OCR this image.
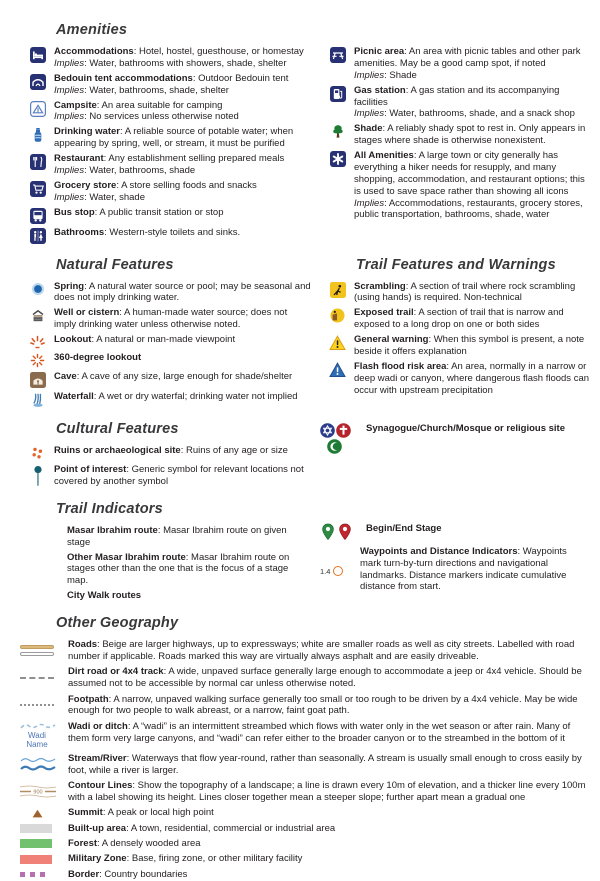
Amenities

Accommodations: Hotel, hostel, guesthouse, or homestay
Implies: Water, bathrooms with showers, shade, shelter

Bedouin tent accommodations: Outdoor Bedouin tent
Implies: Water, bathrooms, shade, shelter

Campsite: An area suitable for camping
Implies: No services unless otherwise noted

Drinking water: A reliable source of potable water; when appearing by spring, well, or stream, it must be purified

Restaurant: Any establishment selling prepared meals
Implies: Water, bathrooms, shade

Grocery store: A store selling foods and snacks
Implies: Water, shade

Bus stop: A public transit station or stop

Bathrooms: Western-style toilets and sinks.

Picnic area: An area with picnic tables and other park amenities. May be a good camp spot, if noted
Implies: Shade

Gas station: A gas station and its accompanying facilities
Implies: Water, bathrooms, shade, and a snack shop

Shade: A reliably shady spot to rest in. Only appears in stages where shade is otherwise nonexistent.

All Amenities: A large town or city generally has everything a hiker needs for resupply, and many shopping, accommodation, and restaurant options; this is used to save space rather than showing all icons
Implies: Accommodations, restaurants, grocery stores, public transportation, bathrooms, shade, water

Natural Features

Spring: A natural water source or pool; may be seasonal and does not imply drinking water.

Well or cistern: A human-made water source; does not imply drinking water unless otherwise noted.

Lookout: A natural or man-made viewpoint

360-degree lookout

Cave: A cave of any size, large enough for shade/shelter

Waterfall: A wet or dry waterfal; drinking water not implied

Trail Features and Warnings

Scrambling: A section of trail where rock scrambling (using hands) is required. Non-technical

Exposed trail: A section of trail that is narrow and exposed to a long drop on one or both sides

General warning: When this symbol is present, a note beside it offers explanation

Flash flood risk area: An area, normally in a narrow or deep wadi or canyon, where dangerous flash floods can occur with upstream precipitation

Cultural Features

Ruins or archaeological site: Ruins of any age or size

Point of interest: Generic symbol for relevant locations not covered by another symbol

Synagogue/Church/Mosque or religious site

Trail Indicators

Masar Ibrahim route: Masar Ibrahim route on given stage

Other Masar Ibrahim route: Masar Ibrahim route on stages other than the one that is the focus of a stage map.

City Walk routes

Begin/End Stage

1.4

Waypoints and Distance Indicators: Waypoints mark turn-by-turn directions and navigational landmarks. Distance markers indicate cumulative distance from start.

Other Geography

Roads: Beige are larger highways, up to expressways; white are smaller roads as well as city streets. Labelled with road number if applicable. Roads marked this way are virtually always asphalt and are easily driveable.

Dirt road or 4x4 track: A wide, unpaved surface generally large enough to accommodate a jeep or 4x4 vehicle. Should be assumed not to be accessible by normal car unless otherwise noted.

Footpath: A narrow, unpaved walking surface generally too small or too rough to be driven by a 4x4 vehicle. May be wide enough for two people to walk abreast, or a narrow, faint goat path.

Wadi Name

Wadi or ditch: A “wadi” is an intermittent streambed which flows with water only in the wet season or after rain. Many of them form very large canyons, and “wadi” can refer either to the broader canyon or to the streambed in the bottom of it

Stream/River: Waterways that flow year-round, rather than seasonally. A stream is usually small enough to cross easily by foot, while a river is larger.

900

Contour Lines: Show the topography of a landscape; a line is drawn every 10m of elevation, and a thicker line every 100m with a label showing its height. Lines closer together mean a steeper slope; further apart mean a gradual one

Summit: A peak or local high point

Built-up area: A town, residential, commercial or industrial area

Forest: A densely wooded area

Military Zone: Base, firing zone, or other military facility

Border: Country boundaries
